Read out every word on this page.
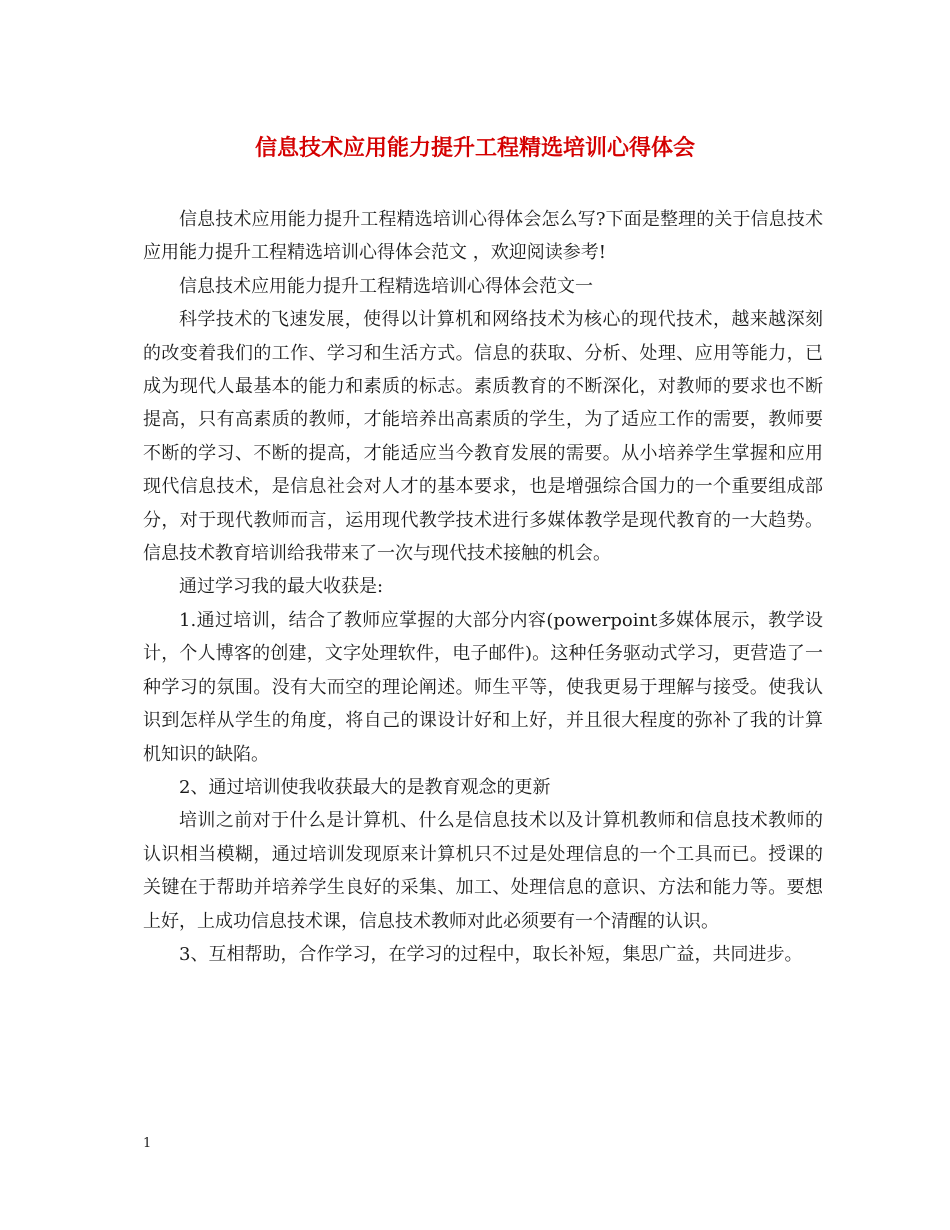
信息技术应用能力提升工程精选培训心得体会

信息技术应用能力提升工程精选培训心得体会怎么写?下面是整理的关于信息技术应用能力提升工程精选培训心得体会范文 ，欢迎阅读参考!

信息技术应用能力提升工程精选培训心得体会范文一

科学技术的飞速发展，使得以计算机和网络技术为核心的现代技术，越来越深刻的改变着我们的工作、学习和生活方式。信息的获取、分析、处理、应用等能力，已成为现代人最基本的能力和素质的标志。素质教育的不断深化，对教师的要求也不断提高，只有高素质的教师，才能培养出高素质的学生，为了适应工作的需要，教师要不断的学习、不断的提高，才能适应当今教育发展的需要。从小培养学生掌握和应用现代信息技术，是信息社会对人才的基本要求，也是增强综合国力的一个重要组成部分，对于现代教师而言，运用现代教学技术进行多媒体教学是现代教育的一大趋势。信息技术教育培训给我带来了一次与现代技术接触的机会。

通过学习我的最大收获是:

1.通过培训，结合了教师应掌握的大部分内容(powerpoint多媒体展示，教学设计，个人博客的创建，文字处理软件，电子邮件)。这种任务驱动式学习，更营造了一种学习的氛围。没有大而空的理论阐述。师生平等，使我更易于理解与接受。使我认识到怎样从学生的角度，将自己的课设计好和上好，并且很大程度的弥补了我的计算机知识的缺陷。

2、通过培训使我收获最大的是教育观念的更新

培训之前对于什么是计算机、什么是信息技术以及计算机教师和信息技术教师的认识相当模糊，通过培训发现原来计算机只不过是处理信息的一个工具而已。授课的关键在于帮助并培养学生良好的采集、加工、处理信息的意识、方法和能力等。要想上好，上成功信息技术课，信息技术教师对此必须要有一个清醒的认识。

3、互相帮助，合作学习，在学习的过程中，取长补短，集思广益，共同进步。

1
